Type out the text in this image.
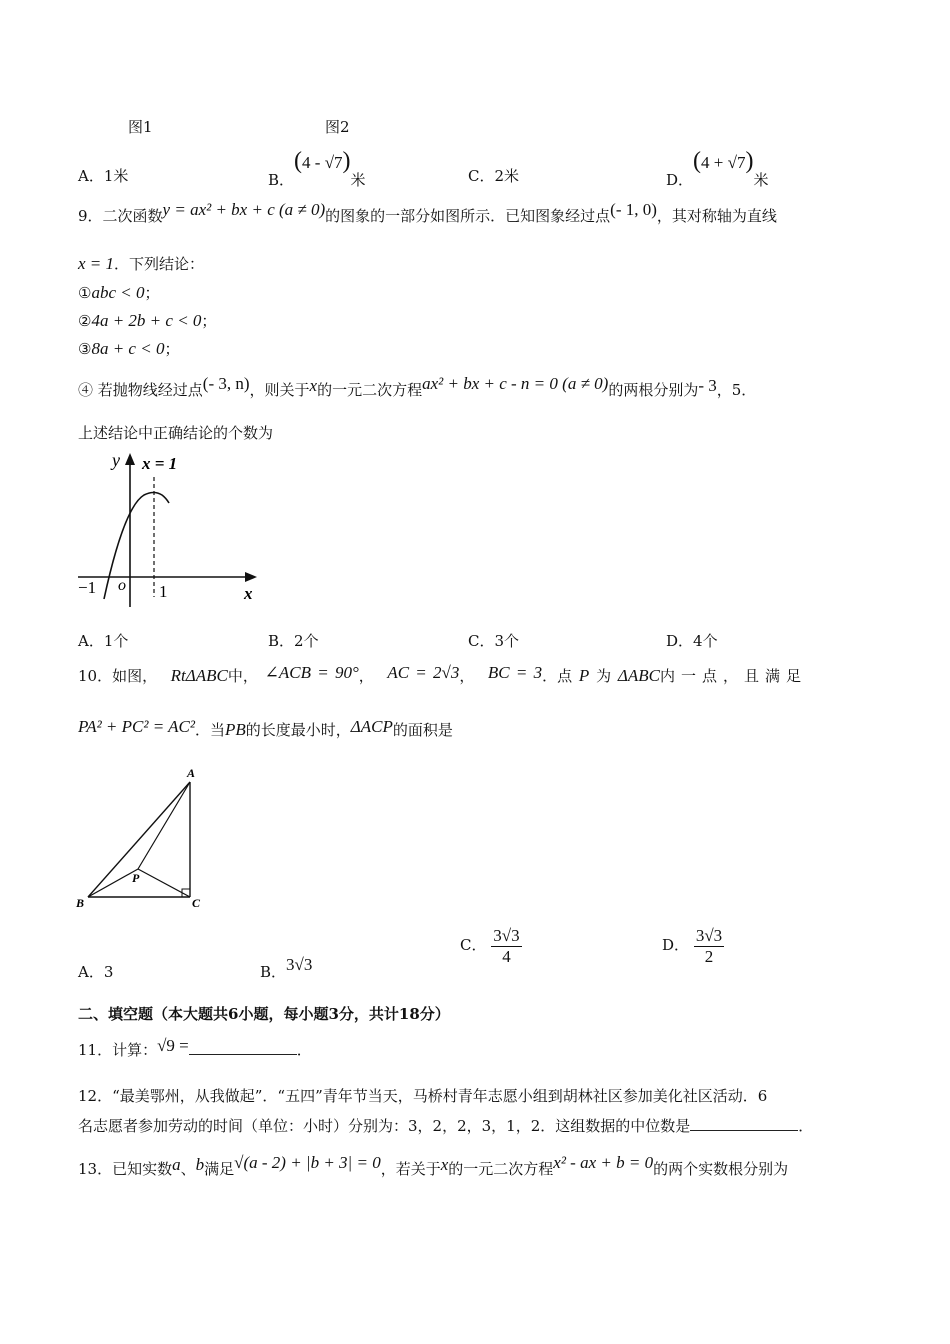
图1	图2
A．1米	B．(4 - √7)米	C．2米	D．(4 + √7)米
9．二次函数y = ax² + bx + c (a ≠ 0)的图象的一部分如图所示．已知图象经过点(- 1, 0)，其对称轴为直线
x = 1．下列结论：
①abc < 0；
②4a + 2b + c < 0；
③8a + c < 0；
④ 若抛物线经过点(- 3, n)，则关于x的一元二次方程ax² + bx + c - n = 0 (a ≠ 0)的两根分别为- 3，5．
上述结论中正确结论的个数为
y x = 1
x
o
−1	1
A．1个	B．2个	C．3个	D．4个
10．如图， RtΔABC中， ∠ACB = 90°， AC = 2√3， BC = 3．点 P 为 ΔABC内一点，且满足
PA² + PC² = AC²．当PB的长度最小时，ΔACP的面积是
A
B	C
P
A．3	B．3√3
C． $\frac{3√3}{4}$	D． $\frac{3√3}{2}$
二、填空题（本大题共6小题，每小题3分，共计18分）
11．计算：√9 =	．
12．“最美鄂州，从我做起”．“五四”青年节当天，马桥村青年志愿小组到胡林社区参加美化社区活动．6
名志愿者参加劳动的时间（单位：小时）分别为：3，2，2，3，1，2．这组数据的中位数是	．
13．已知实数a、b满足√(a - 2) + |b + 3| = 0，若关于x的一元二次方程x² - ax + b = 0的两个实数根分别为
